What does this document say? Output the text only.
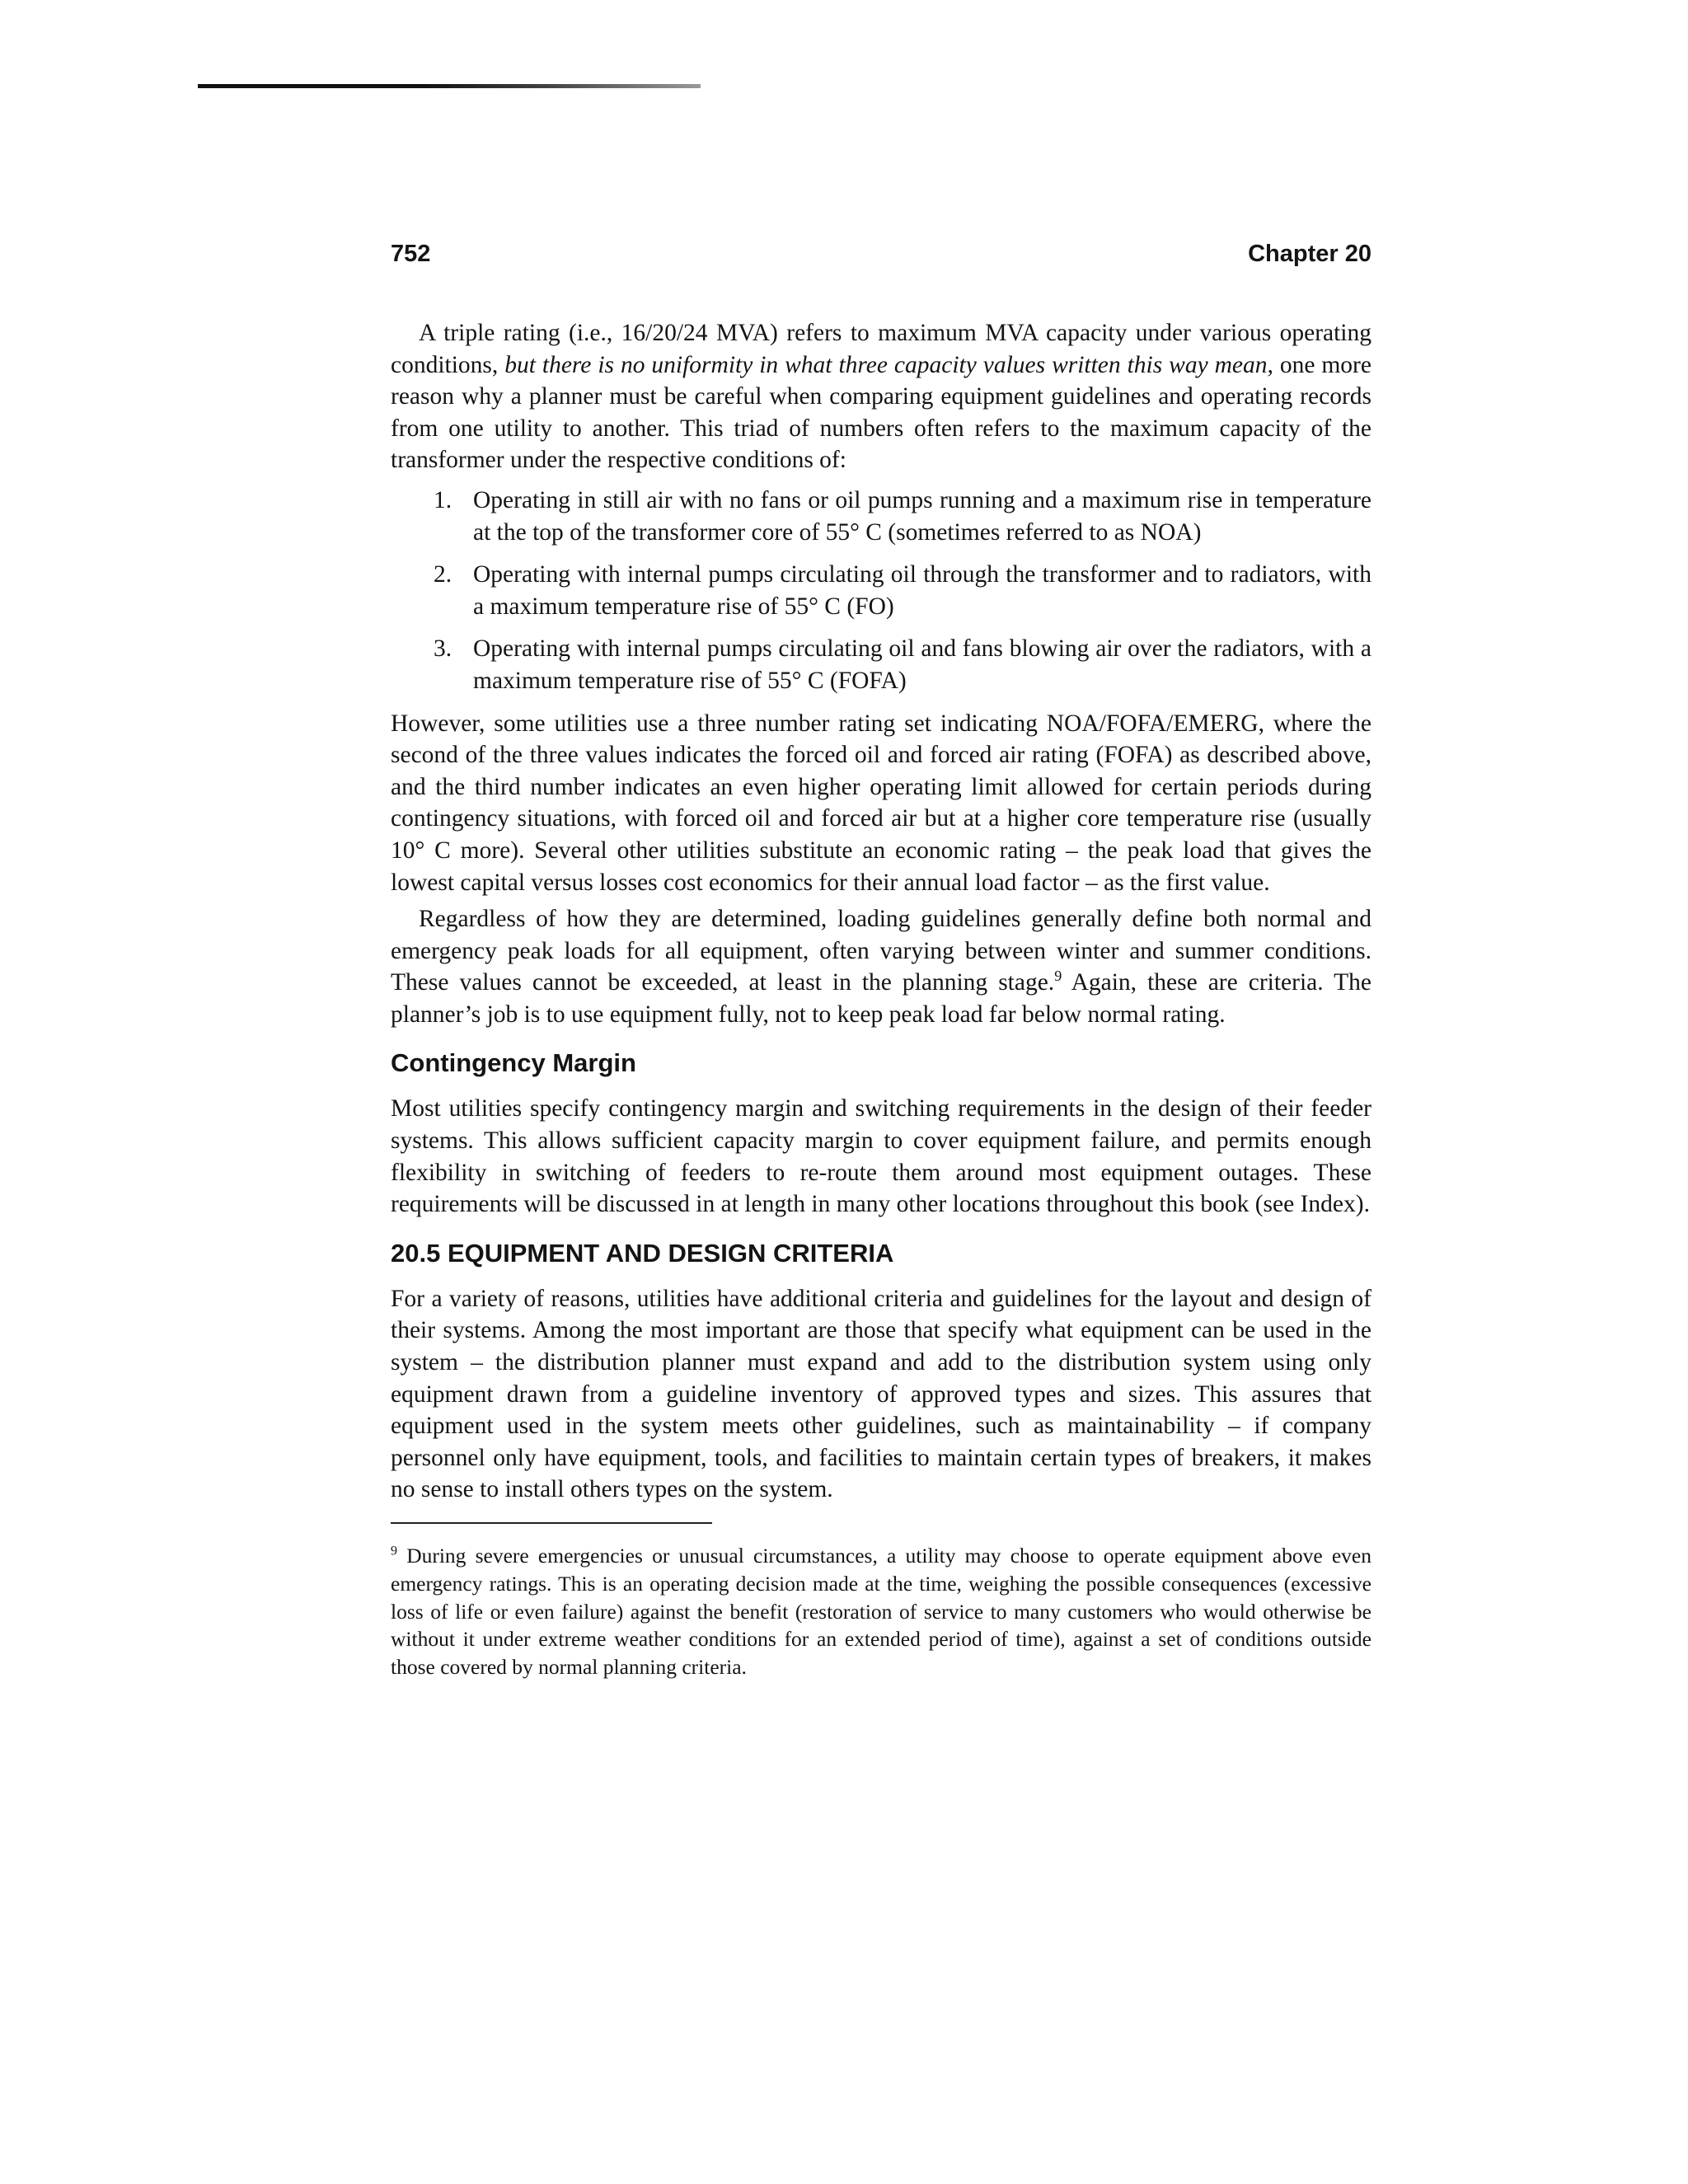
752	Chapter 20

A triple rating (i.e., 16/20/24 MVA) refers to maximum MVA capacity under various operating conditions, but there is no uniformity in what three capacity values written this way mean, one more reason why a planner must be careful when comparing equipment guidelines and operating records from one utility to another. This triad of numbers often refers to the maximum capacity of the transformer under the respective conditions of:

1. Operating in still air with no fans or oil pumps running and a maximum rise in temperature at the top of the transformer core of 55° C (sometimes referred to as NOA)
2. Operating with internal pumps circulating oil through the transformer and to radiators, with a maximum temperature rise of 55° C (FO)
3. Operating with internal pumps circulating oil and fans blowing air over the radiators, with a maximum temperature rise of 55° C (FOFA)

However, some utilities use a three number rating set indicating NOA/FOFA/EMERG, where the second of the three values indicates the forced oil and forced air rating (FOFA) as described above, and the third number indicates an even higher operating limit allowed for certain periods during contingency situations, with forced oil and forced air but at a higher core temperature rise (usually 10° C more). Several other utilities substitute an economic rating – the peak load that gives the lowest capital versus losses cost economics for their annual load factor – as the first value.

Regardless of how they are determined, loading guidelines generally define both normal and emergency peak loads for all equipment, often varying between winter and summer conditions. These values cannot be exceeded, at least in the planning stage.$^9$ Again, these are criteria. The planner’s job is to use equipment fully, not to keep peak load far below normal rating.

Contingency Margin

Most utilities specify contingency margin and switching requirements in the design of their feeder systems. This allows sufficient capacity margin to cover equipment failure, and permits enough flexibility in switching of feeders to re-route them around most equipment outages. These requirements will be discussed in at length in many other locations throughout this book (see Index).

20.5 EQUIPMENT AND DESIGN CRITERIA

For a variety of reasons, utilities have additional criteria and guidelines for the layout and design of their systems. Among the most important are those that specify what equipment can be used in the system – the distribution planner must expand and add to the distribution system using only equipment drawn from a guideline inventory of approved types and sizes. This assures that equipment used in the system meets other guidelines, such as maintainability – if company personnel only have equipment, tools, and facilities to maintain certain types of breakers, it makes no sense to install others types on the system.

$^9$ During severe emergencies or unusual circumstances, a utility may choose to operate equipment above even emergency ratings. This is an operating decision made at the time, weighing the possible consequences (excessive loss of life or even failure) against the benefit (restoration of service to many customers who would otherwise be without it under extreme weather conditions for an extended period of time), against a set of conditions outside those covered by normal planning criteria.
